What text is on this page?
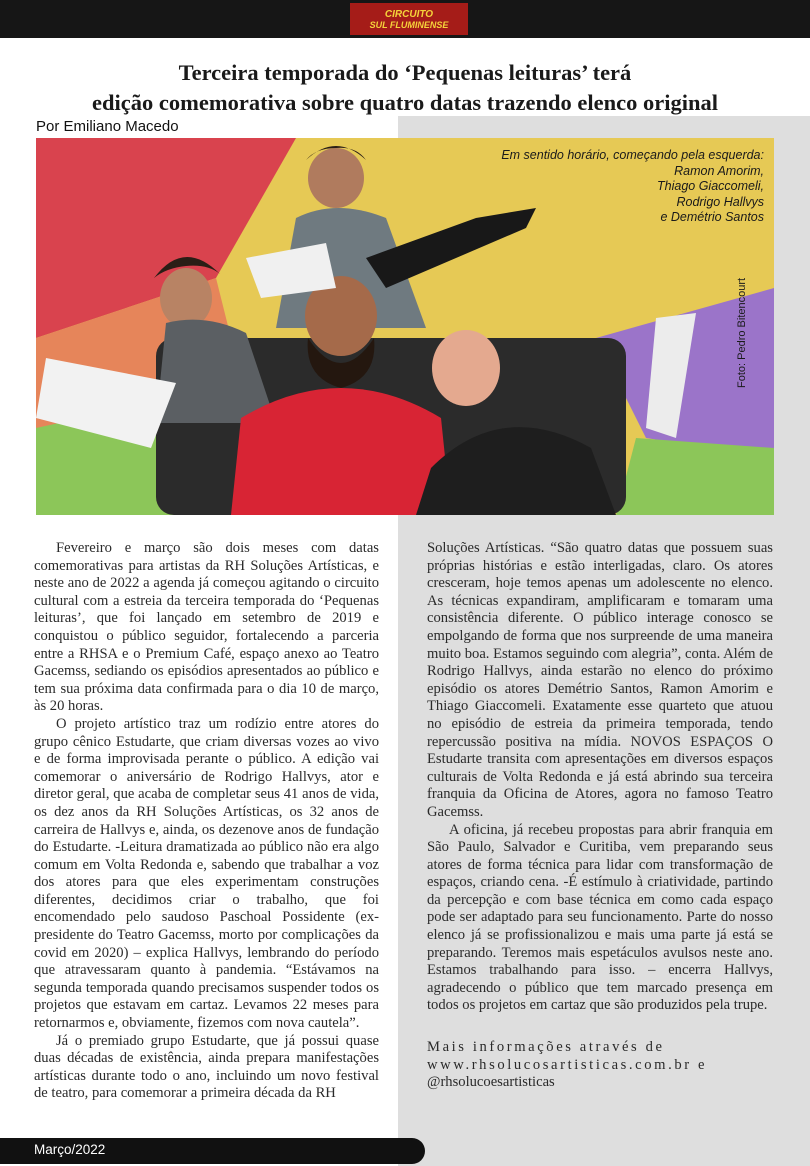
CIRCUITO
SUL FLUMINENSE
Terceira temporada do ‘Pequenas leituras’ terá
edição comemorativa sobre quatro datas trazendo elenco original
Por Emiliano Macedo
Em sentido horário, começando pela esquerda:
Ramon Amorim,
Thiago Giaccomeli,
Rodrigo Hallvys
e Demétrio Santos
Foto: Pedro Bitencourt

Fevereiro e março são dois meses com datas comemorativas para artistas da RH Soluções Artísticas, e neste ano de 2022 a agenda já começou agitando o circuito cultural com a estreia da terceira temporada do ‘Pequenas leituras’, que foi lançado em setembro de 2019 e conquistou o público seguidor, fortalecendo a parceria entre a RHSA e o Premium Café, espaço anexo ao Teatro Gacemss, sediando os episódios apresentados ao público e tem sua próxima data confirmada para o dia 10 de março, às 20 horas.

O projeto artístico traz um rodízio entre atores do grupo cênico Estudarte, que criam diversas vozes ao vivo e de forma improvisada perante o público. A edição vai comemorar o aniversário de Rodrigo Hallvys, ator e diretor geral, que acaba de completar seus 41 anos de vida, os dez anos da RH Soluções Artísticas, os 32 anos de carreira de Hallvys e, ainda, os dezenove anos de fundação do Estudarte. -Leitura dramatizada ao público não era algo comum em Volta Redonda e, sabendo que trabalhar a voz dos atores para que eles experimentam construções diferentes, decidimos criar o trabalho, que foi encomendado pelo saudoso Paschoal Possidente (ex-presidente do Teatro Gacemss, morto por complicações da covid em 2020) – explica Hallvys, lembrando do período que atravessaram quanto à pandemia. “Estávamos na segunda temporada quando precisamos suspender todos os projetos que estavam em cartaz. Levamos 22 meses para retornarmos e, obviamente, fizemos com nova cautela”.

Já o premiado grupo Estudarte, que já possui quase duas décadas de existência, ainda prepara manifestações artísticas durante todo o ano, incluindo um novo festival de teatro, para comemorar a primeira década da RH

Soluções Artísticas. “São quatro datas que possuem suas próprias histórias e estão interligadas, claro. Os atores cresceram, hoje temos apenas um adolescente no elenco. As técnicas expandiram, amplificaram e tomaram uma consistência diferente. O público interage conosco se empolgando de forma que nos surpreende de uma maneira muito boa. Estamos seguindo com alegria”, conta. Além de Rodrigo Hallvys, ainda estarão no elenco do próximo episódio os atores Demétrio Santos, Ramon Amorim e Thiago Giaccomeli. Exatamente esse quarteto que atuou no episódio de estreia da primeira temporada, tendo repercussão positiva na mídia. NOVOS ESPAÇOS O Estudarte transita com apresentações em diversos espaços culturais de Volta Redonda e já está abrindo sua terceira franquia da Oficina de Atores, agora no famoso Teatro Gacemss.

A oficina, já recebeu propostas para abrir franquia em São Paulo, Salvador e Curitiba, vem preparando seus atores de forma técnica para lidar com transformação de espaços, criando cena. -É estímulo à criatividade, partindo da percepção e com base técnica em como cada espaço pode ser adaptado para seu funcionamento. Parte do nosso elenco já se profissionalizou e mais uma parte já está se preparando. Teremos mais espetáculos avulsos neste ano. Estamos trabalhando para isso. – encerra Hallvys, agradecendo o público que tem marcado presença em todos os projetos em cartaz que são produzidos pela trupe.

Mais informações através de
www.rhsolucosartisticas.com.br e
@rhsolucoesartisticas
Março/2022
